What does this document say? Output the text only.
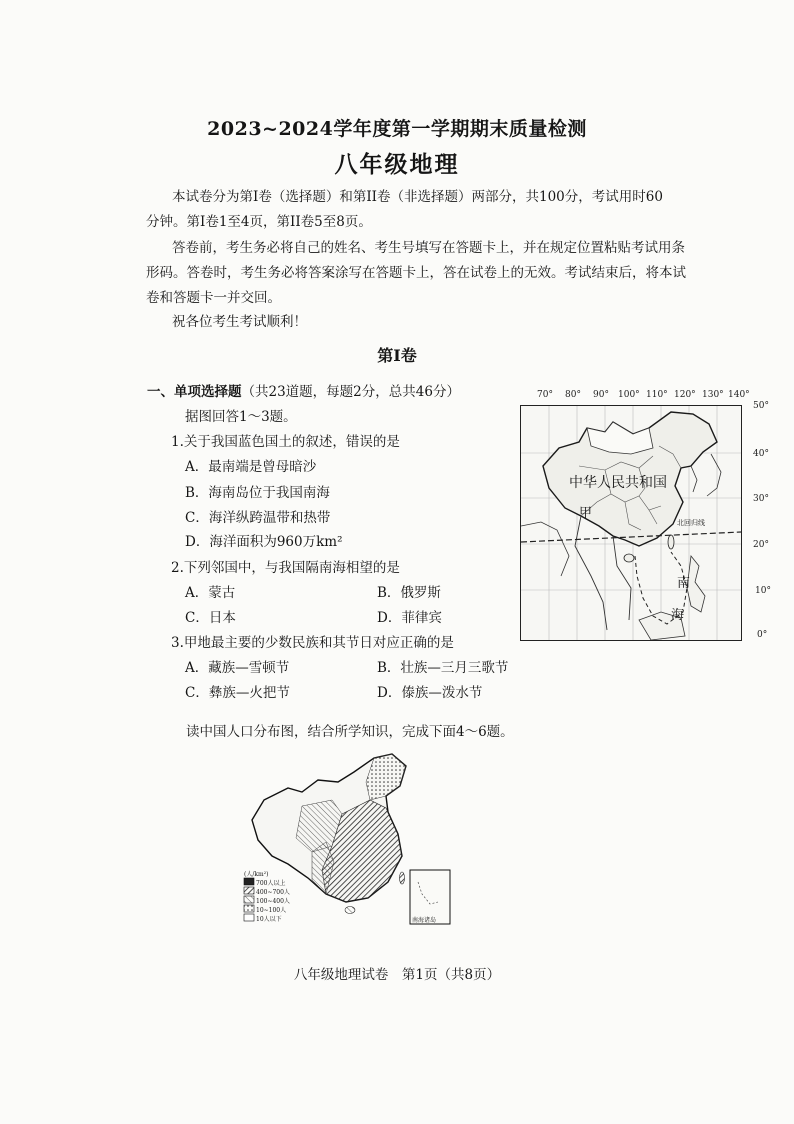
2023~2024学年度第一学期期末质量检测
八年级地理
本试卷分为第Ⅰ卷（选择题）和第II卷（非选择题）两部分，共100分，考试用时60
分钟。第Ⅰ卷1至4页，第II卷5至8页。
答卷前，考生务必将自己的姓名、考生号填写在答题卡上，并在规定位置粘贴考试用条
形码。答卷时，考生务必将答案涂写在答题卡上，答在试卷上的无效。考试结束后，将本试
卷和答题卡一并交回。
祝各位考生考试顺利！
第Ⅰ卷
一、单项选择题（共23道题，每题2分，总共46分）
据图回答1～3题。
1.关于我国蓝色国土的叙述，错误的是
A．最南端是曾母暗沙
B．海南岛位于我国南海
C．海洋纵跨温带和热带
D．海洋面积为960万km²
2.下列邻国中，与我国隔南海相望的是
A．蒙古	B．俄罗斯
C．日本	D．菲律宾
3.甲地最主要的少数民族和其节日对应正确的是
A．藏族—雪顿节	B．壮族—三月三歌节
C．彝族—火把节	D．傣族—泼水节
读中国人口分布图，结合所学知识，完成下面4～6题。
70° 80° 90° 100° 110° 120° 130° 140°
50°
40°
30°
20°
10°
0°
中华人民共和国
甲
北回归线
南
海
(人/km²)
700人以上
400~700人
100~400人
10~100人
10人以下	南海诸岛
八年级地理试卷　第1页（共8页）
